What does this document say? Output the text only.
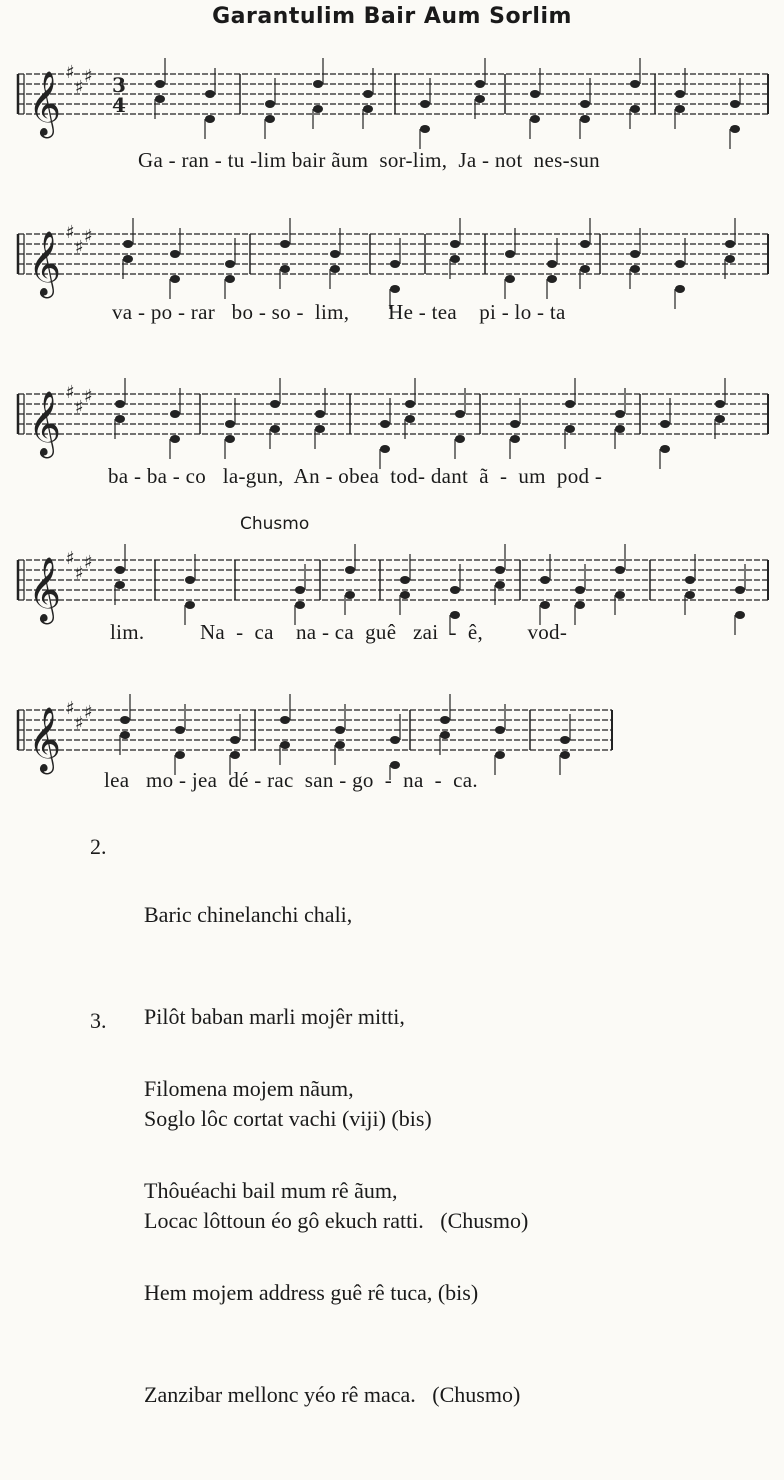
Garantulim Bair Aum Sorlim
𝄞 ♯
♯
♯ 3
4
Ga - ran - tu -lim bair ãum  sor-lim,  Ja - not  nes-sun
𝄞 ♯
♯
♯
va - po - rar   bo - so -  lim,       He - tea    pi - lo - ta
𝄞 ♯
♯
♯
ba - ba - co   la-gun,  An - obea  tod- dant  ã  -  um  pod -
Chusmo
𝄞 ♯
♯
♯
lim.          Na  -  ca    na - ca  guê   zai  -  ê,        vod-
𝄞 ♯
♯
♯
lea   mo - jea  dé - rac  san - go  -  na  -  ca.
2.

Baric chinelanchi chali,

Pilôt baban marli mojêr mitti,

Soglo lôc cortat vachi (viji) (bis)

Locac lôttoun éo gô ekuch ratti.   (Chusmo)

3.

Filomena mojem nãum,

Thôuéachi bail mum rê ãum,

Hem mojem address guê rê tuca, (bis)

Zanzibar mellonc yéo rê maca.   (Chusmo)
